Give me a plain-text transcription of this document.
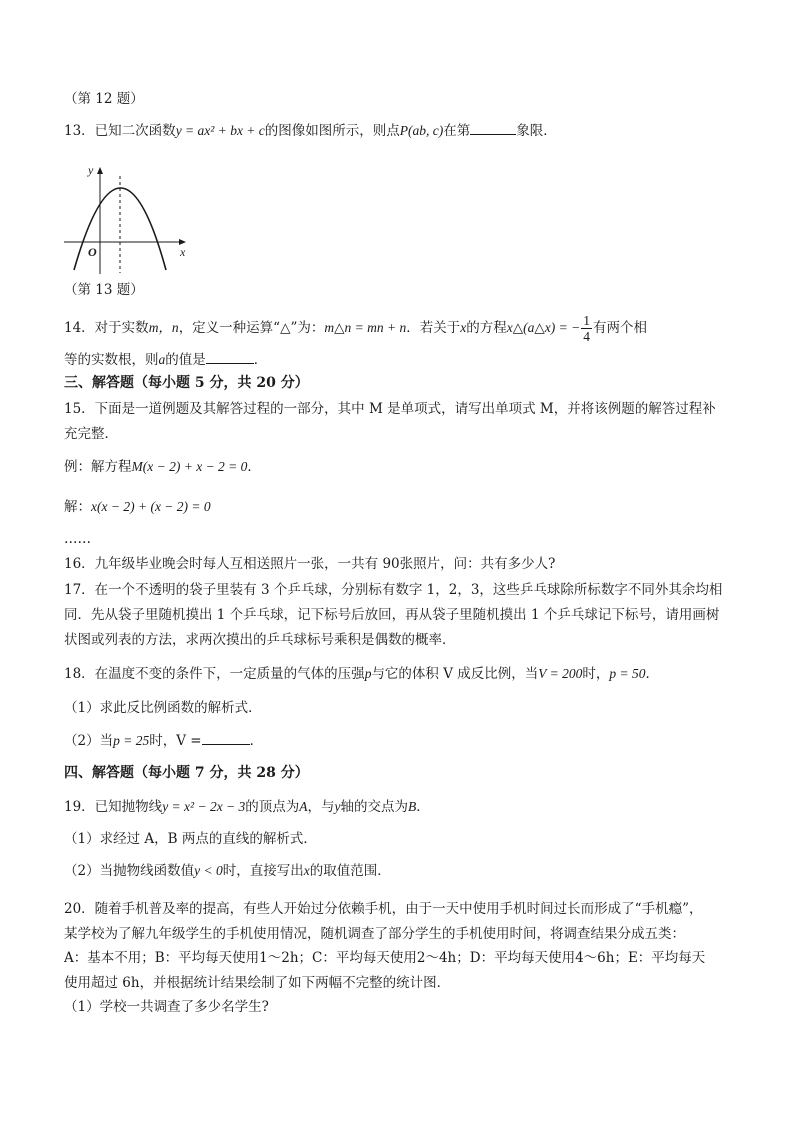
（第 12 题）
13．已知二次函数y = ax² + bx + c的图像如图所示，则点P(ab, c)在第	象限．
y
x
O
（第 13 题）
14．对于实数m，n，定义一种运算“△”为：m△n = mn + n．若关于x的方程x△(a△x) = − $\frac{1}{4}$ 有两个相
等的实数根，则a的值是	．
三、解答题（每小题 5 分，共 20 分）
15．下面是一道例题及其解答过程的一部分，其中 M 是单项式，请写出单项式 M，并将该例题的解答过程补
充完整．
例：解方程M(x − 2) + x − 2 = 0．
解：x(x − 2) + (x − 2) = 0
……
16．九年级毕业晚会时每人互相送照片一张，一共有 90张照片，问：共有多少人?
17．在一个不透明的袋子里装有 3 个乒乓球，分别标有数字 1，2，3，这些乒乓球除所标数字不同外其余均相
同．先从袋子里随机摸出 1 个乒乓球，记下标号后放回，再从袋子里随机摸出 1 个乒乓球记下标号，请用画树
状图或列表的方法，求两次摸出的乒乓球标号乘积是偶数的概率．
18．在温度不变的条件下，一定质量的气体的压强p与它的体积 V 成反比例，当V = 200时，p = 50．
（1）求此反比例函数的解析式．
（2）当p = 25时，V =	．
四、解答题（每小题 7 分，共 28 分）
19．已知抛物线y = x² − 2x − 3的顶点为A，与y轴的交点为B．
（1）求经过 A，B 两点的直线的解析式．
（2）当抛物线函数值y < 0时，直接写出x的取值范围．
20．随着手机普及率的提高，有些人开始过分依赖手机，由于一天中使用手机时间过长而形成了“手机瘾”，
某学校为了解九年级学生的手机使用情况，随机调查了部分学生的手机使用时间，将调查结果分成五类：
A：基本不用；B：平均每天使用1～2h；C：平均每天使用2～4h；D：平均每天使用4～6h；E：平均每天
使用超过 6h，并根据统计结果绘制了如下两幅不完整的统计图．
（1）学校一共调查了多少名学生?
